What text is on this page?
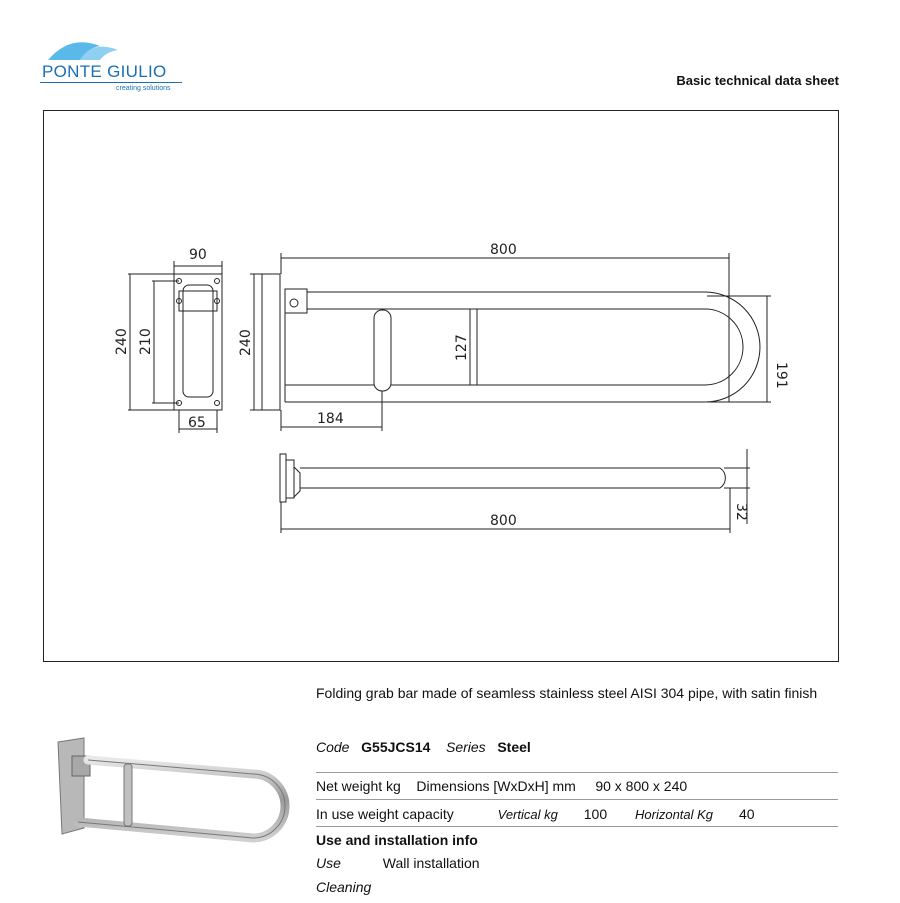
PONTE GIULIO
creating solutions
Basic technical data sheet
90
240 210
65
800
240	127
184
191
800
32
Folding grab bar made of seamless stainless steel AISI 304 pipe, with satin finish
Code G55JCS14 Series Steel
Net weight kg Dimensions [WxDxH] mm 90 x 800 x 240
In use weight capacity	Vertical kg 100 Horizontal Kg 40
Use and installation info
Use	Wall installation
Cleaning
